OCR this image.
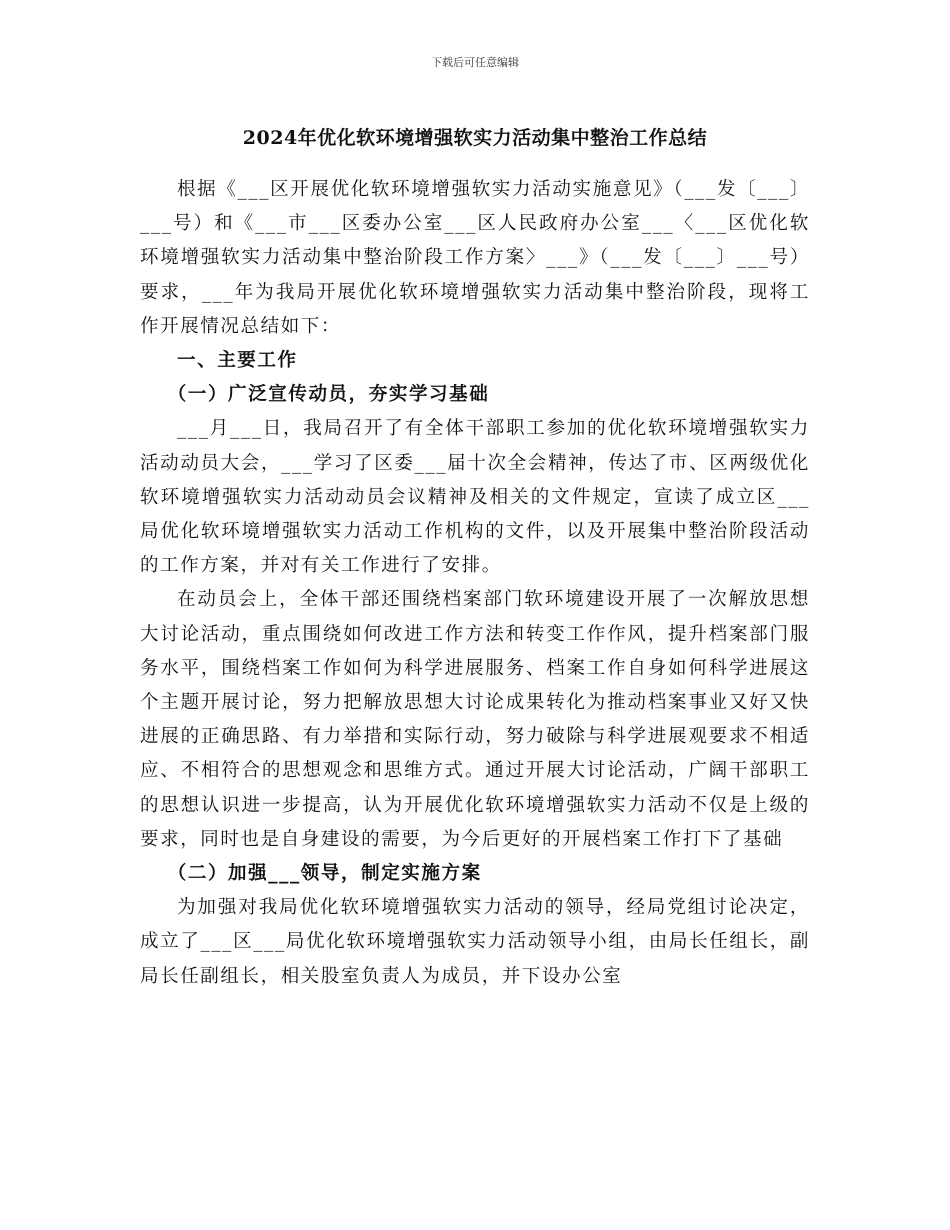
下载后可任意编辑
2024年优化软环境增强软实力活动集中整治工作总结

根据《___区开展优化软环境增强软实力活动实施意见》（___发〔___〕___号）和《___市___区委办公室___区人民政府办公室___〈___区优化软环境增强软实力活动集中整治阶段工作方案〉___》（___发〔___〕___号）要求，___年为我局开展优化软环境增强软实力活动集中整治阶段，现将工作开展情况总结如下：

一、主要工作
（一）广泛宣传动员，夯实学习基础

___月___日，我局召开了有全体干部职工参加的优化软环境增强软实力活动动员大会，___学习了区委___届十次全会精神，传达了市、区两级优化软环境增强软实力活动动员会议精神及相关的文件规定，宣读了成立区___局优化软环境增强软实力活动工作机构的文件，以及开展集中整治阶段活动的工作方案，并对有关工作进行了安排。

在动员会上，全体干部还围绕档案部门软环境建设开展了一次解放思想大讨论活动，重点围绕如何改进工作方法和转变工作作风，提升档案部门服务水平，围绕档案工作如何为科学进展服务、档案工作自身如何科学进展这个主题开展讨论，努力把解放思想大讨论成果转化为推动档案事业又好又快进展的正确思路、有力举措和实际行动，努力破除与科学进展观要求不相适应、不相符合的思想观念和思维方式。通过开展大讨论活动，广阔干部职工的思想认识进一步提高，认为开展优化软环境增强软实力活动不仅是上级的要求，同时也是自身建设的需要，为今后更好的开展档案工作打下了基础

（二）加强___领导，制定实施方案

为加强对我局优化软环境增强软实力活动的领导，经局党组讨论决定，成立了___区___局优化软环境增强软实力活动领导小组，由局长任组长，副局长任副组长，相关股室负责人为成员，并下设办公室
